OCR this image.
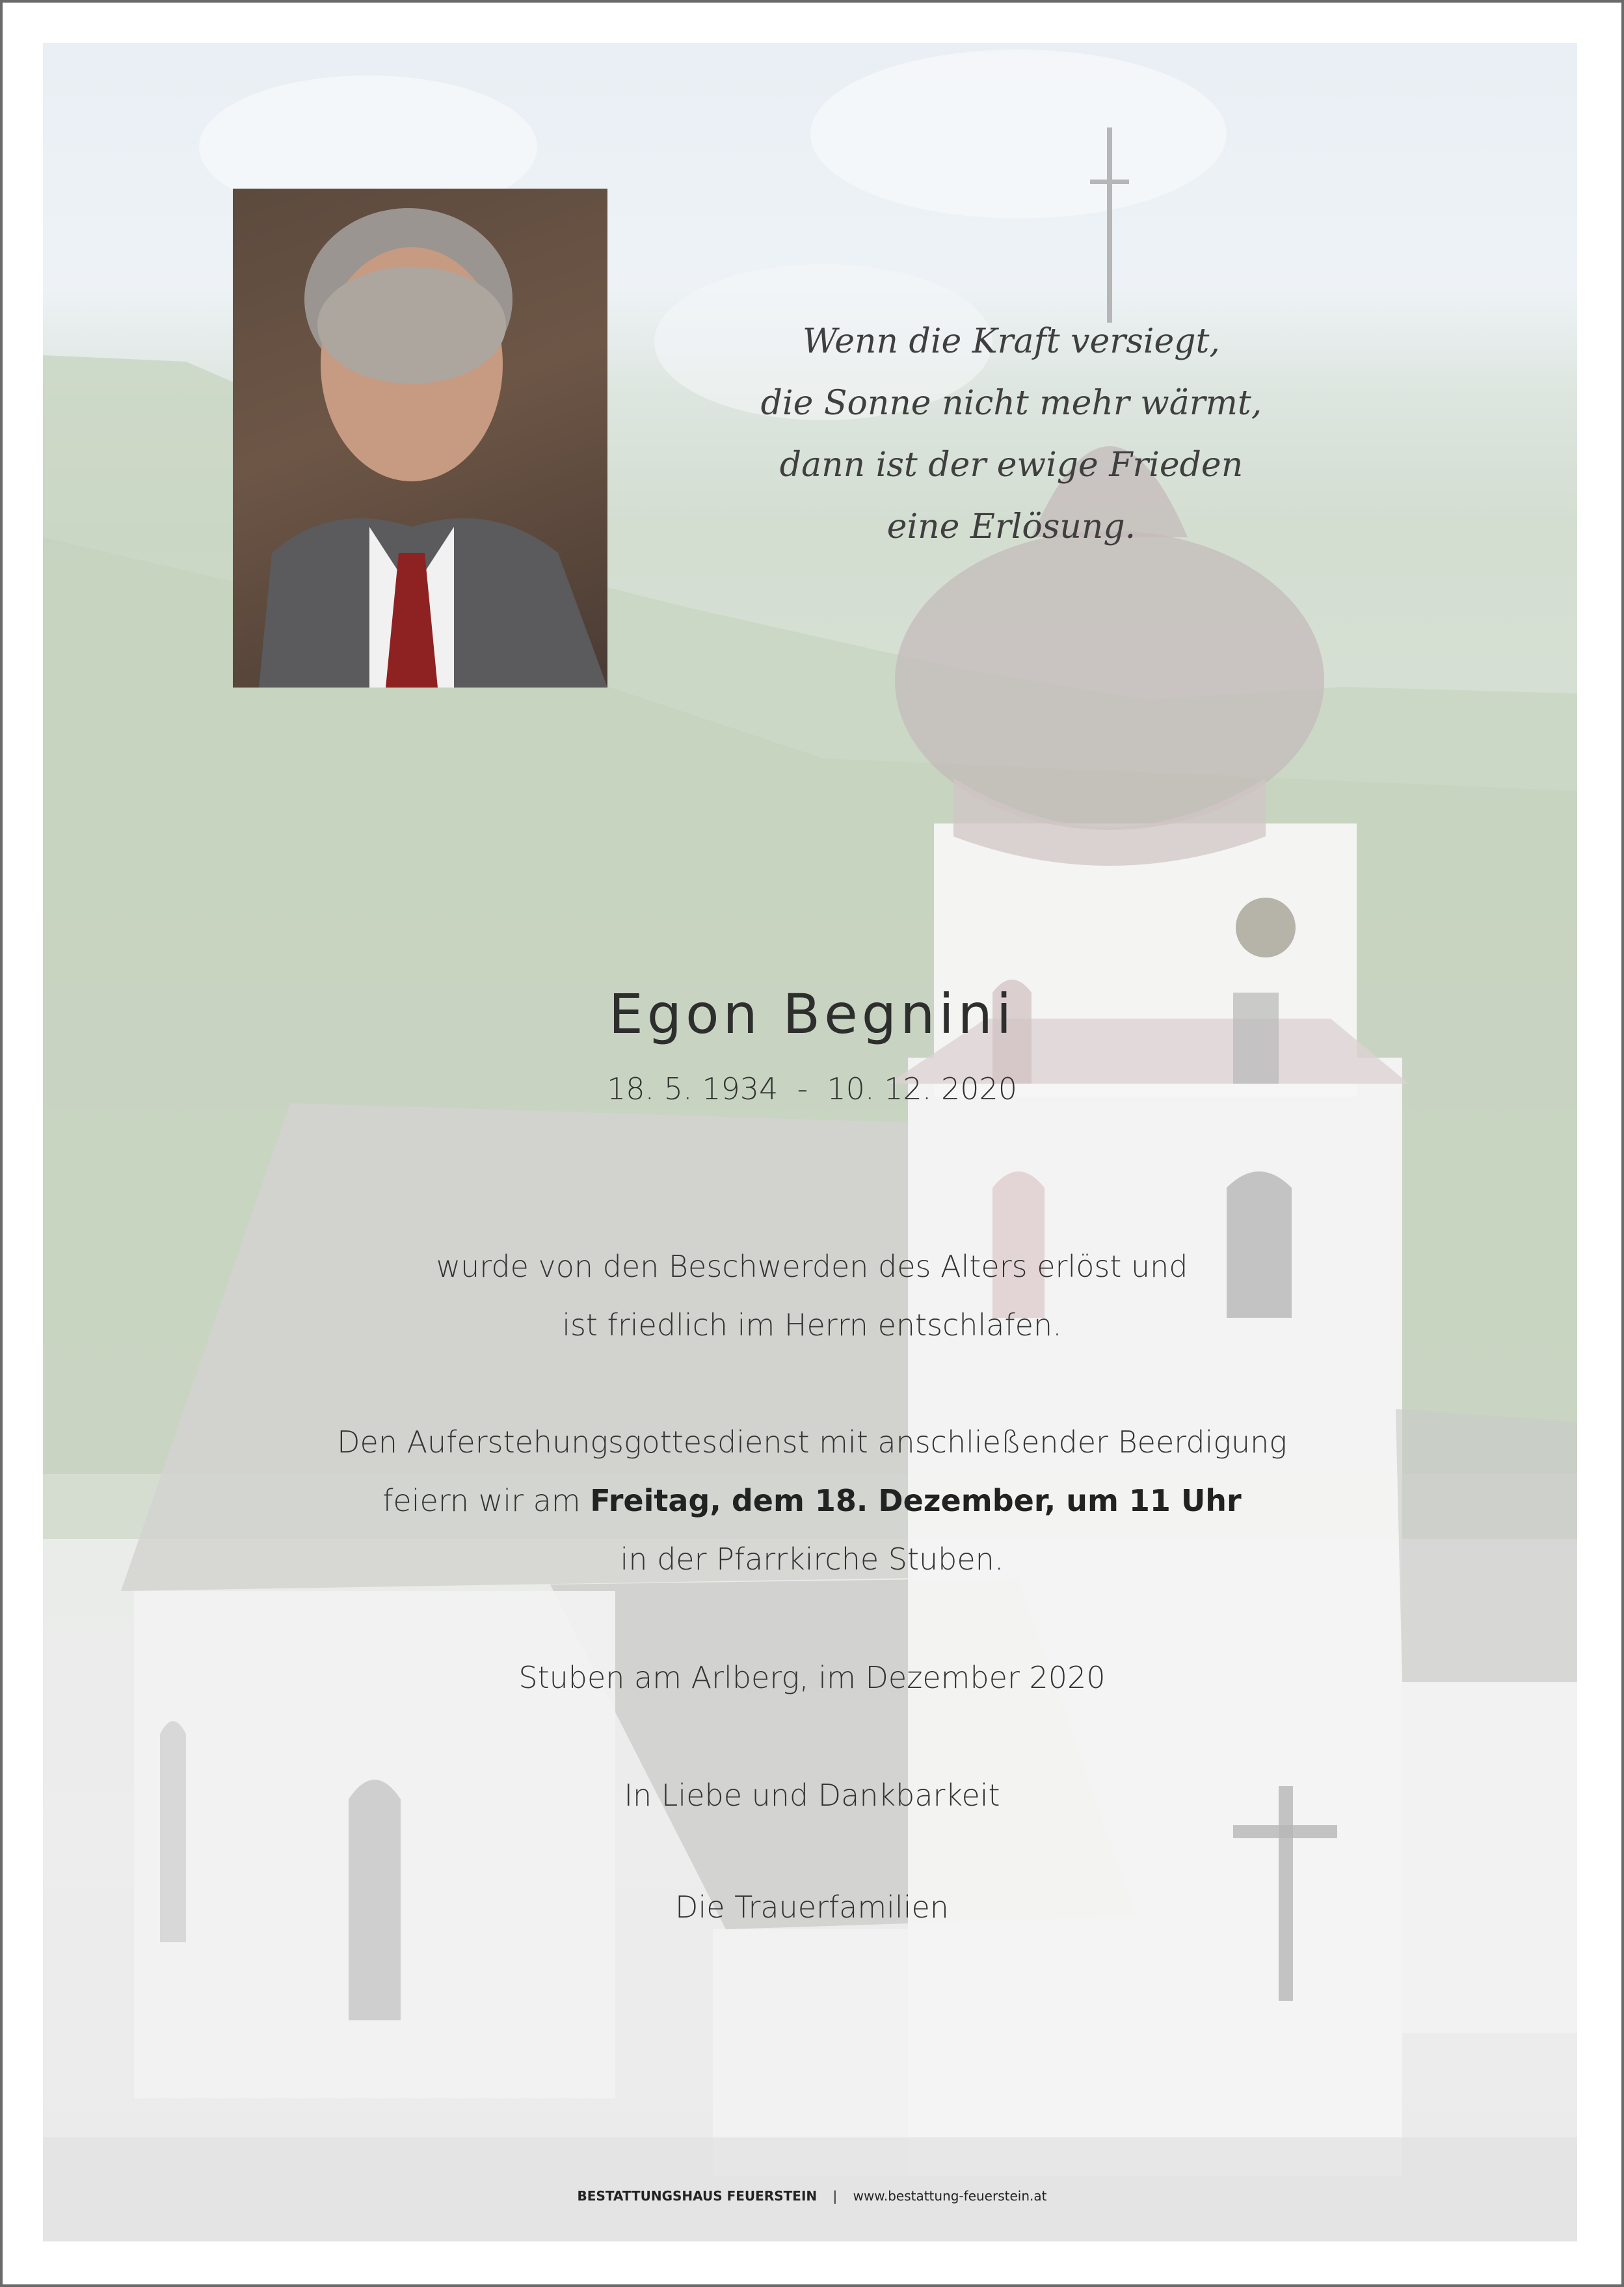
Wenn die Kraft versiegt,
die Sonne nicht mehr wärmt,
dann ist der ewige Frieden
eine Erlösung.
Egon Begnini
18. 5. 1934  -  10. 12. 2020
wurde von den Beschwerden des Alters erlöst und
ist friedlich im Herrn entschlafen.
Den Auferstehungsgottesdienst mit anschließender Beerdigung
feiern wir am Freitag, dem 18. Dezember, um 11 Uhr
in der Pfarrkirche Stuben.
Stuben am Arlberg, im Dezember 2020
In Liebe und Dankbarkeit
Die Trauerfamilien
BESTATTUNGSHAUS FEUERSTEIN | www.bestattung-feuerstein.at
